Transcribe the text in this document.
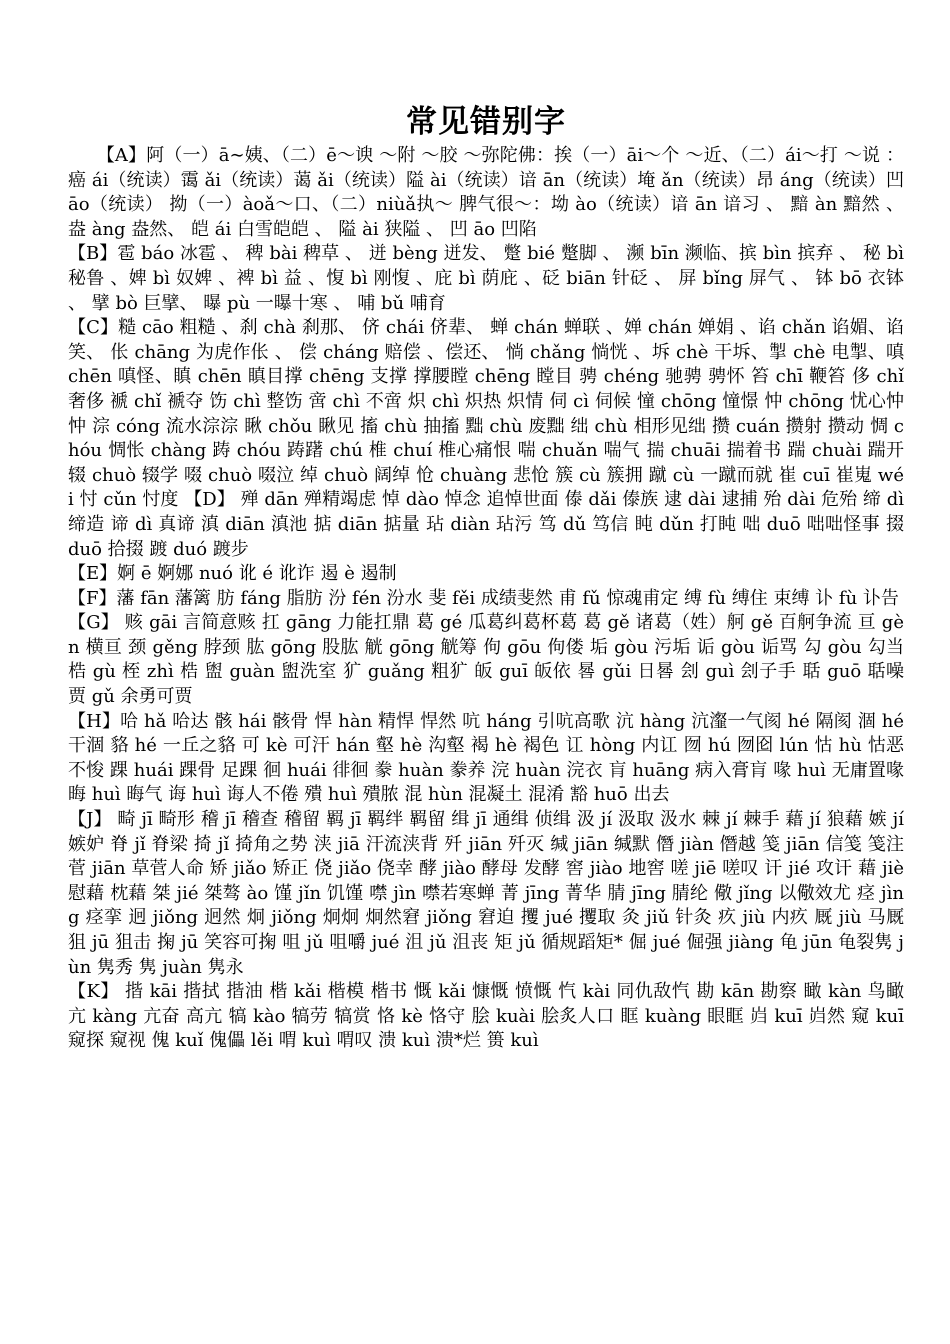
常见错别字

【A】阿（一）ā∼姨、（二）ē～谀 ～附 ～胶 ～弥陀佛：挨（一）āi～个 ～近、（二）ái～打 ～说 ：癌 ái（统读）霭 ǎi（统读）蔼 ǎi（统读）隘 ài（统读）谙 ān（统读）埯 ǎn（统读）昂 áng（统读）凹 āo（统读） 拗（一）àoǎ～口、（二）niùǎ执～ 脾气很～：坳 ào（统读）谙 ān 谙习 、 黯 àn 黯然 、 盎 àng 盎然、 皑 ái 白雪皑皑 、 隘 ài 狭隘 、 凹 āo 凹陷

【B】雹 báo 冰雹 、 稗 bài 稗草 、 迸 bèng 迸发、 蹩 bié 蹩脚 、 濒 bīn 濒临、摈 bìn 摈弃 、 秘 bì 秘鲁 、婢 bì 奴婢 、裨 bì 益 、愎 bì 刚愎 、庇 bì 荫庇 、砭 biān 针砭 、 屏 bǐng 屏气 、 钵 bō 衣钵 、 擘 bò 巨擘、 曝 pù 一曝十寒 、 哺 bǔ 哺育

【C】糙 cāo 粗糙 、刹 chà 刹那、 侪 chái 侪辈、 蝉 chán 蝉联 、婵 chán 婵娟 、谄 chǎn 谄媚、谄笑、 伥 chāng 为虎作伥 、 偿 cháng 赔偿 、偿还、 惝 chǎng 惝恍 、坼 chè 干坼、掣 chè 电掣、嗔 chēn 嗔怪、瞋 chēn 瞋目撑 chēng 支撑 撑腰瞠 chēng 瞠目 骋 chéng 驰骋 骋怀 笞 chī 鞭笞 侈 chǐ 奢侈 褫 chǐ 褫夺 饬 chì 整饬 啻 chì 不啻 炽 chì 炽热 炽情 伺 cì 伺候 憧 chōng 憧憬 忡 chōng 忧心忡忡 淙 cóng 流水淙淙 瞅 chǒu 瞅见 搐 chù 抽搐 黜 chù 废黜 绌 chù 相形见绌 攒 cuán 攒射 攒动 惆 chóu 惆怅 chàng 踌 chóu 踌躇 chú 椎 chuí 椎心痛恨 喘 chuǎn 喘气 揣 chuāi 揣着书 踹 chuài 踹开 辍 chuò 辍学 啜 chuò 啜泣 绰 chuò 阔绰 怆 chuàng 悲怆 簇 cù 簇拥 蹴 cù 一蹴而就 崔 cuī 崔嵬 wéi 忖 cǔn 忖度 【D】 殚 dān 殚精竭虑 悼 dào 悼念 追悼世面 傣 dǎi 傣族 逮 dài 逮捕 殆 dài 危殆 缔 dì 缔造 谛 dì 真谛 滇 diān 滇池 掂 diān 掂量 玷 diàn 玷污 笃 dǔ 笃信 盹 dǔn 打盹 咄 duō 咄咄怪事 掇 duō 拾掇 踱 duó 踱步

【E】婀 ē 婀娜 nuó 讹 é 讹诈 遏 è 遏制

【F】藩 fān 藩篱 肪 fáng 脂肪 汾 fén 汾水 斐 fěi 成绩斐然 甫 fǔ 惊魂甫定 缚 fù 缚住 束缚 讣 fù 讣告

【G】 赅 gāi 言简意赅 扛 gāng 力能扛鼎 葛 gé 瓜葛纠葛杯葛 葛 gě 诸葛（姓）舸 gě 百舸争流 亘 gèn 横亘 颈 gěng 脖颈 肱 gōng 股肱 觥 gōng 觥筹 佝 gōu 佝偻 垢 gòu 污垢 诟 gòu 诟骂 勾 gòu 勾当 梏 gù 桎 zhì 梏 盥 guàn 盥洗室 犷 guǎng 粗犷 皈 guī 皈依 晷 gǔi 日晷 刽 guì 刽子手 聒 guō 聒噪 贾 gǔ 余勇可贾

【H】哈 hǎ 哈达 骸 hái 骸骨 悍 hàn 精悍 悍然 吭 háng 引吭高歌 沆 hàng 沆瀣一气阂 hé 隔阂 涸 hé 干涸 貉 hé 一丘之貉 可 kè 可汗 hán 壑 hè 沟壑 褐 hè 褐色 讧 hòng 内讧 囫 hú 囫囵 lún 怙 hù 怙恶不悛 踝 huái 踝骨 足踝 徊 huái 徘徊 豢 huàn 豢养 浣 huàn 浣衣 肓 huāng 病入膏肓 喙 huì 无庸置喙 晦 huì 晦气 诲 huì 诲人不倦 殨 huì 殨脓 混 hùn 混凝土 混淆 豁 huō 出去

【J】 畸 jī 畸形 稽 jī 稽查 稽留 羁 jī 羁绊 羁留 缉 jī 通缉 侦缉 汲 jí 汲取 汲水 棘 jí 棘手 藉 jí 狼藉 嫉 jí 嫉妒 脊 jǐ 脊梁 掎 jǐ 掎角之势 浃 jiā 汗流浃背 歼 jiān 歼灭 缄 jiān 缄默 僭 jiàn 僭越 笺 jiān 信笺 笺注 菅 jiān 草菅人命 矫 jiǎo 矫正 侥 jiǎo 侥幸 酵 jiào 酵母 发酵 窖 jiào 地窖 嗟 jiē 嗟叹 讦 jié 攻讦 藉 jiè 慰藉 枕藉 桀 jié 桀骜 ào 馑 jǐn 饥馑 噤 jìn 噤若寒蝉 菁 jīng 菁华 腈 jīng 腈纶 儆 jǐng 以儆效尤 痉 jìng 痉挛 迥 jiǒng 迥然 炯 jiǒng 炯炯 炯然窘 jiǒng 窘迫 攫 jué 攫取 灸 jiǔ 针灸 疚 jiù 内疚 厩 jiù 马厩 狙 jū 狙击 掬 jū 笑容可掬 咀 jǔ 咀嚼 jué 沮 jǔ 沮丧 矩 jǔ 循规蹈矩* 倔 jué 倔强 jiàng 龟 jūn 龟裂隽 jùn 隽秀 隽 juàn 隽永

【K】 揩 kāi 揩拭 揩油 楷 kǎi 楷模 楷书 慨 kǎi 慷慨 愤慨 忾 kài 同仇敌忾 勘 kān 勘察 瞰 kàn 鸟瞰 亢 kàng 亢奋 高亢 犒 kào 犒劳 犒赏 恪 kè 恪守 脍 kuài 脍炙人口 眶 kuàng 眼眶 岿 kuī 岿然 窥 kuī 窥探 窥视 傀 kuǐ 傀儡 lěi 喟 kuì 喟叹 溃 kuì 溃*烂 篑 kuì
